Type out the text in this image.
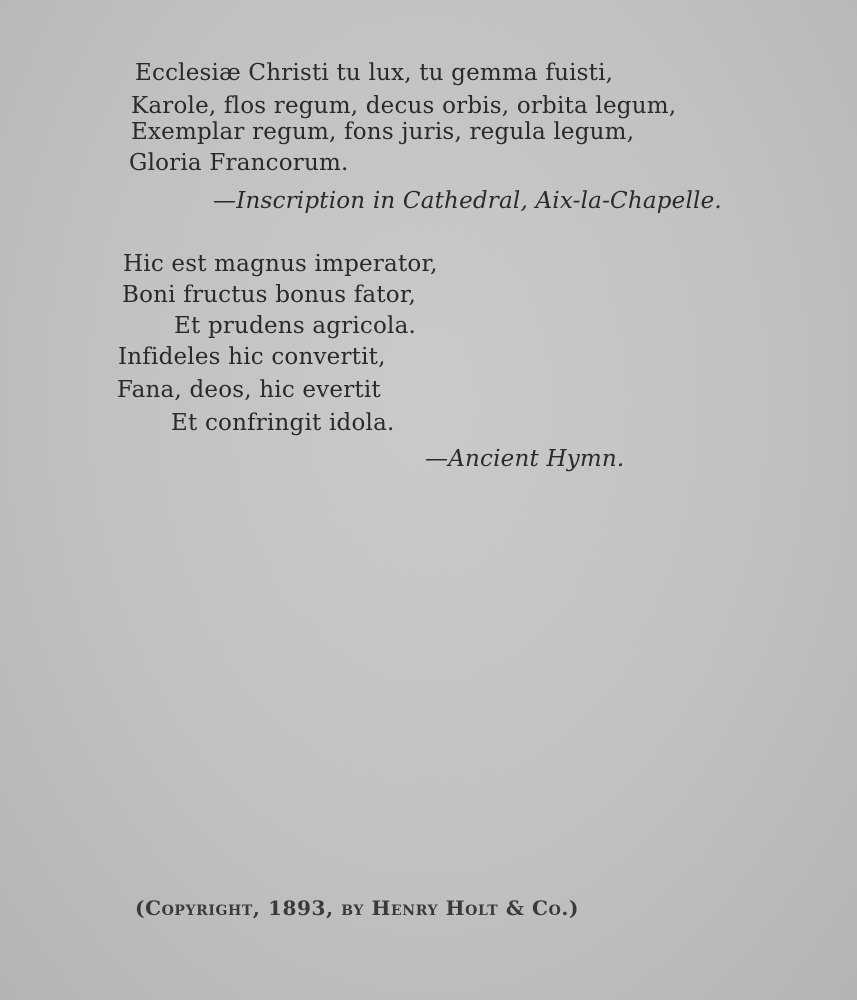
Ecclesiæ Christi tu lux, tu gemma fuisti,
Karole, flos regum, decus orbis, orbita legum,
Exemplar regum, fons juris, regula legum,
Gloria Francorum.
—Inscription in Cathedral, Aix-la-Chapelle.
Hic est magnus imperator,
Boni fructus bonus fator,
Et prudens agricola.
Infideles hic convertit,
Fana, deos, hic evertit
Et confringit idola.
—Ancient Hymn.
(Copyright, 1893, by Henry Holt & Co.)
